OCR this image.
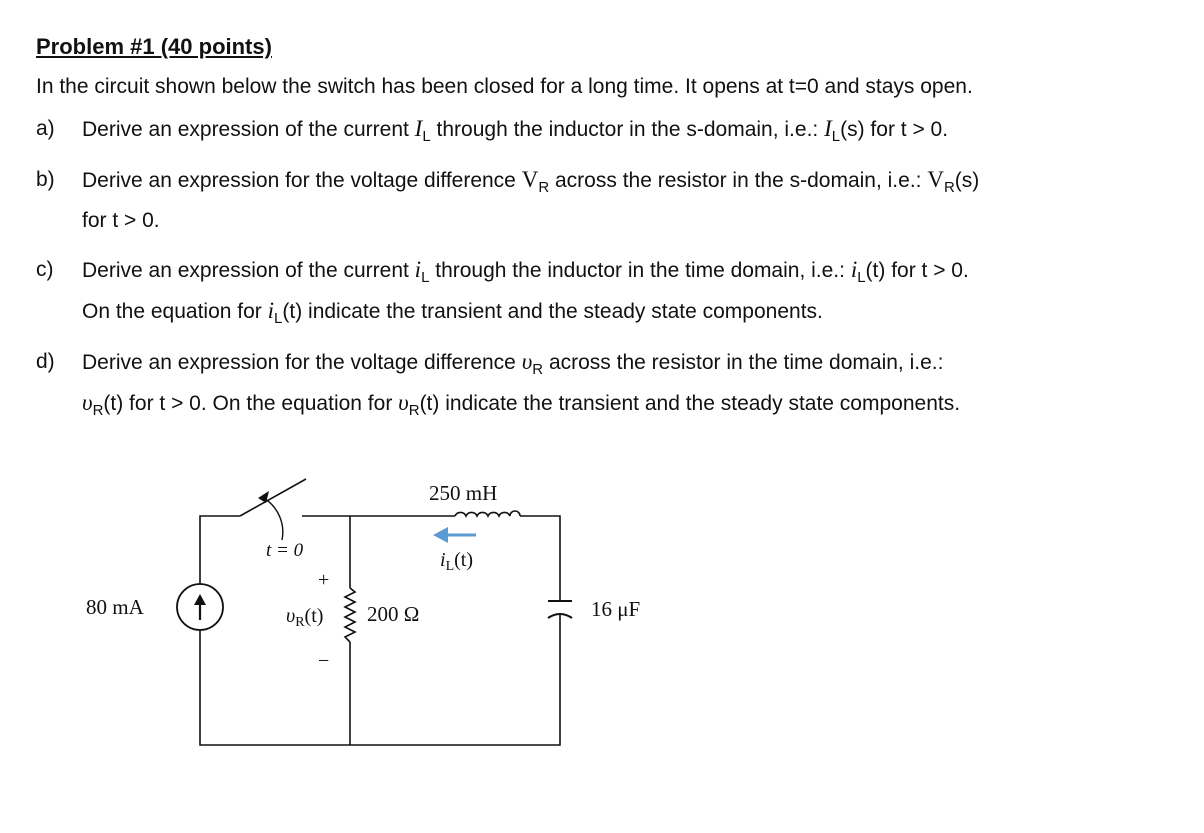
Problem #1 (40 points)
In the circuit shown below the switch has been closed for a long time. It opens at t=0 and stays open.
a) Derive an expression of the current $I_L$ through the inductor in the s-domain, i.e.: $I_L(s)$ for t > 0.
b) Derive an expression for the voltage difference $V_R$ across the resistor in the s-domain, i.e.: $V_R(s)$
for t > 0.
c) Derive an expression of the current $i_L$ through the inductor in the time domain, i.e.: $i_L(t)$ for t > 0.
On the equation for $i_L(t)$ indicate the transient and the steady state components.
d) Derive an expression for the voltage difference $\upsilon_R$ across the resistor in the time domain, i.e.:
$\upsilon_R(t)$ for t > 0. On the equation for $\upsilon_R(t)$ indicate the transient and the steady state components.
80 mA
t = 0
200 Ω
+
−
$\upsilon_R(t)$
250 mH
$i_L(t)$
16 μF
